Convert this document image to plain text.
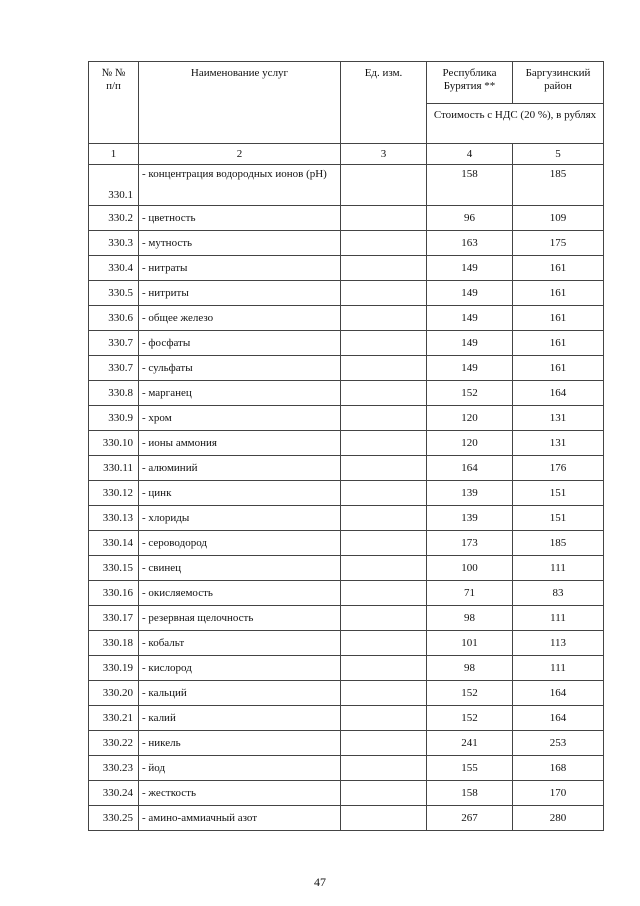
№ №
п/п	Наименование услуг	Ед. изм.	Республика Бурятия **	Баргузинский район
			Стоимость с НДС (20 %), в рублях	
1	2	3	4	5
330.1	- концентрация водородных ионов (рН)		158	185
330.2	- цветность		96	109
330.3	- мутность		163	175
330.4	- нитраты		149	161
330.5	- нитриты		149	161
330.6	- общее железо		149	161
330.7	- фосфаты		149	161
330.7	- сульфаты		149	161
330.8	- марганец		152	164
330.9	- хром		120	131
330.10	- ионы аммония		120	131
330.11	- алюминий		164	176
330.12	- цинк		139	151
330.13	- хлориды		139	151
330.14	- сероводород		173	185
330.15	- свинец		100	111
330.16	- окисляемость		71	83
330.17	- резервная щелочность		98	111
330.18	- кобальт		101	113
330.19	- кислород		98	111
330.20	- кальций		152	164
330.21	- калий		152	164
330.22	- никель		241	253
330.23	- йод		155	168
330.24	- жесткость		158	170
330.25	- амино-аммиачный азот		267	280
47
